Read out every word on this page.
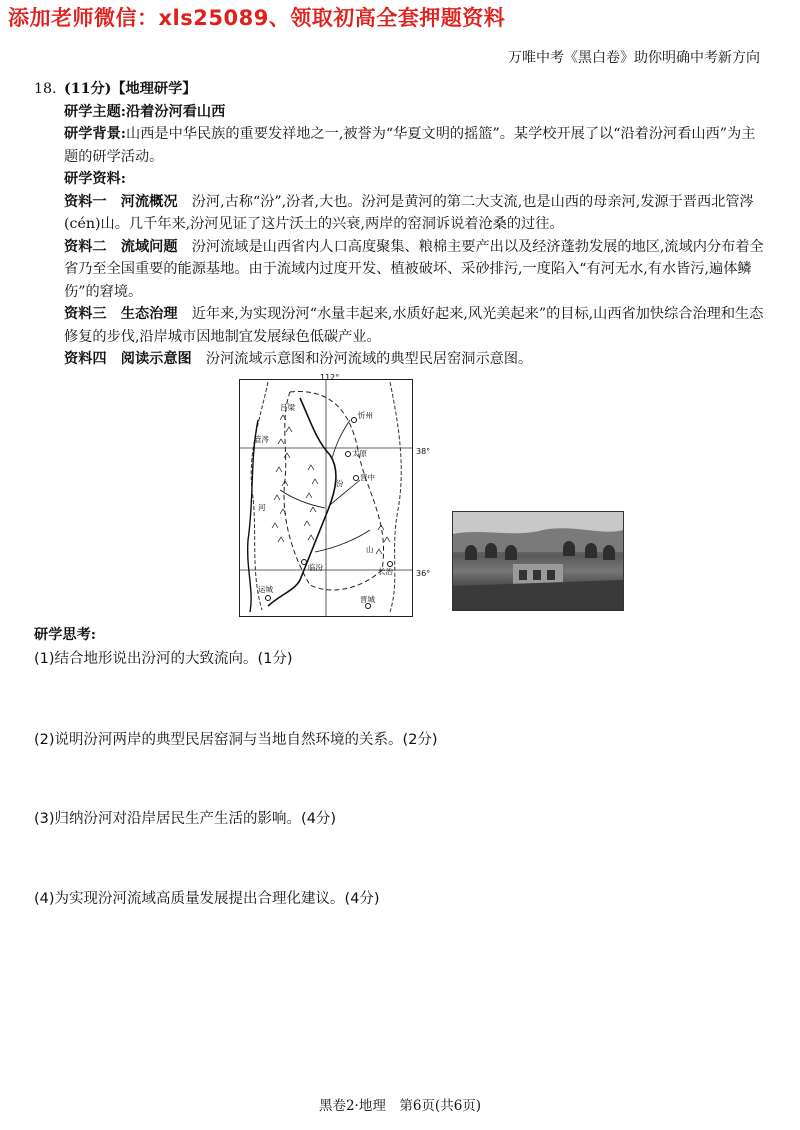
添加老师微信：xls25089、领取初高全套押题资料
万唯中考《黑白卷》助你明确中考新方向
18. (11分)【地理研学】

研学主题:沿着汾河看山西

研学背景:山西是中华民族的重要发祥地之一,被誉为“华夏文明的摇篮”。某学校开展了以“沿着汾河看山西”为主题的研学活动。

研学资料:

资料一　河流概况　 汾河,古称“汾”,汾者,大也。汾河是黄河的第二大支流,也是山西的母亲河,发源于晋西北管涔(cén)山。几千年来,汾河见证了这片沃土的兴衰,两岸的窑洞诉说着沧桑的过往。

资料二　流域问题　 汾河流域是山西省内人口高度聚集、粮棉主要产出以及经济蓬勃发展的地区,流域内分布着全省乃至全国重要的能源基地。由于流域内过度开发、植被破坏、采砂排污,一度陷入“有河无水,有水皆污,遍体鳞伤”的窘境。

资料三　生态治理　 近年来,为实现汾河“水量丰起来,水质好起来,风光美起来”的目标,山西省加快综合治理和生态修复的步伐,沿岸城市因地制宜发展绿色低碳产业。

资料四　阅读示意图　 汾河流域示意图和汾河流域的典型民居窑洞示意图。

忻州
太原
晋中
临汾	长治
运城
晋城
吕梁
管涔
山
汾
河
112°
38°
36°

研学思考:

(1)结合地形说出汾河的大致流向。(1分)

(2)说明汾河两岸的典型民居窑洞与当地自然环境的关系。(2分)

(3)归纳汾河对沿岸居民生产生活的影响。(4分)

(4)为实现汾河流域高质量发展提出合理化建议。(4分)

黑卷2·地理　第6页(共6页)
